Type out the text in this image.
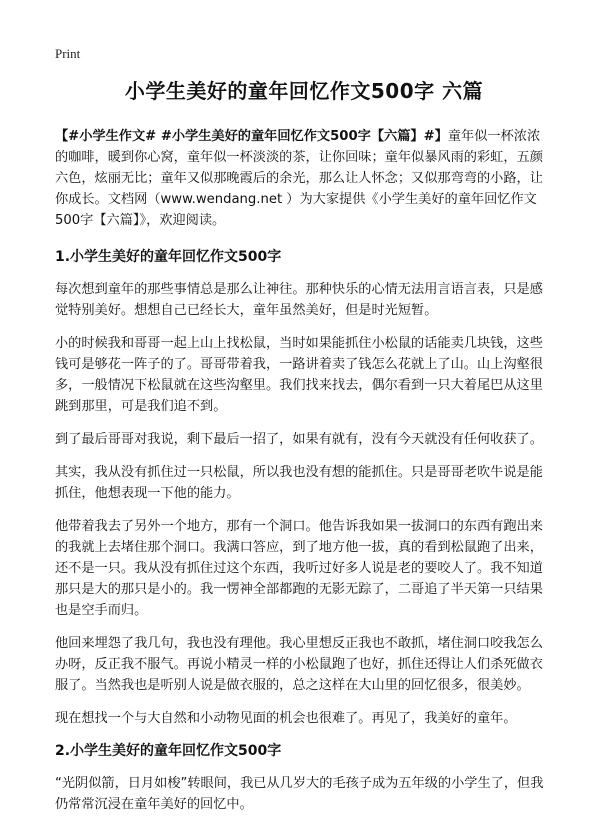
Print
小学生美好的童年回忆作文500字 六篇
【#小学生作文# #小学生美好的童年回忆作文500字【六篇】#】童年似一杯浓浓的咖啡，暖到你心窝，童年似一杯淡淡的茶，让你回味；童年似暴风雨的彩虹，五颜六色，炫丽无比；童年又似那晚霞后的余光，那么让人怀念；又似那弯弯的小路，让你成长。文档网（www.wendang.net ）为大家提供《小学生美好的童年回忆作文500字【六篇】》，欢迎阅读。
1.小学生美好的童年回忆作文500字

每次想到童年的那些事情总是那么让神往。那种快乐的心情无法用言语言表，只是感觉特别美好。想想自己已经长大，童年虽然美好，但是时光短暂。

小的时候我和哥哥一起上山上找松鼠，当时如果能抓住小松鼠的话能卖几块钱，这些钱可是够花一阵子的了。哥哥带着我，一路讲着卖了钱怎么花就上了山。山上沟壑很多，一般情况下松鼠就在这些沟壑里。我们找来找去，偶尔看到一只大着尾巴从这里跳到那里，可是我们追不到。

到了最后哥哥对我说，剩下最后一招了，如果有就有，没有今天就没有任何收获了。

其实，我从没有抓住过一只松鼠，所以我也没有想的能抓住。只是哥哥老吹牛说是能抓住，他想表现一下他的能力。

他带着我去了另外一个地方，那有一个洞口。他告诉我如果一拔洞口的东西有跑出来的我就上去堵住那个洞口。我满口答应，到了地方他一拔，真的看到松鼠跑了出来，还不是一只。我从没有抓住过这个东西，我听过好多人说是老的要咬人了。我不知道那只是大的那只是小的。我一愣神全部都跑的无影无踪了，二哥追了半天第一只结果也是空手而归。

他回来埋怨了我几句，我也没有理他。我心里想反正我也不敢抓，堵住洞口咬我怎么办呀，反正我不服气。再说小精灵一样的小松鼠跑了也好，抓住还得让人们杀死做衣服了。当然我也是听别人说是做衣服的，总之这样在大山里的回忆很多，很美妙。

现在想找一个与大自然和小动物见面的机会也很难了。再见了，我美好的童年。

2.小学生美好的童年回忆作文500字

“光阴似箭，日月如梭”转眼间，我已从几岁大的毛孩子成为五年级的小学生了，但我仍常常沉浸在童年美好的回忆中。
